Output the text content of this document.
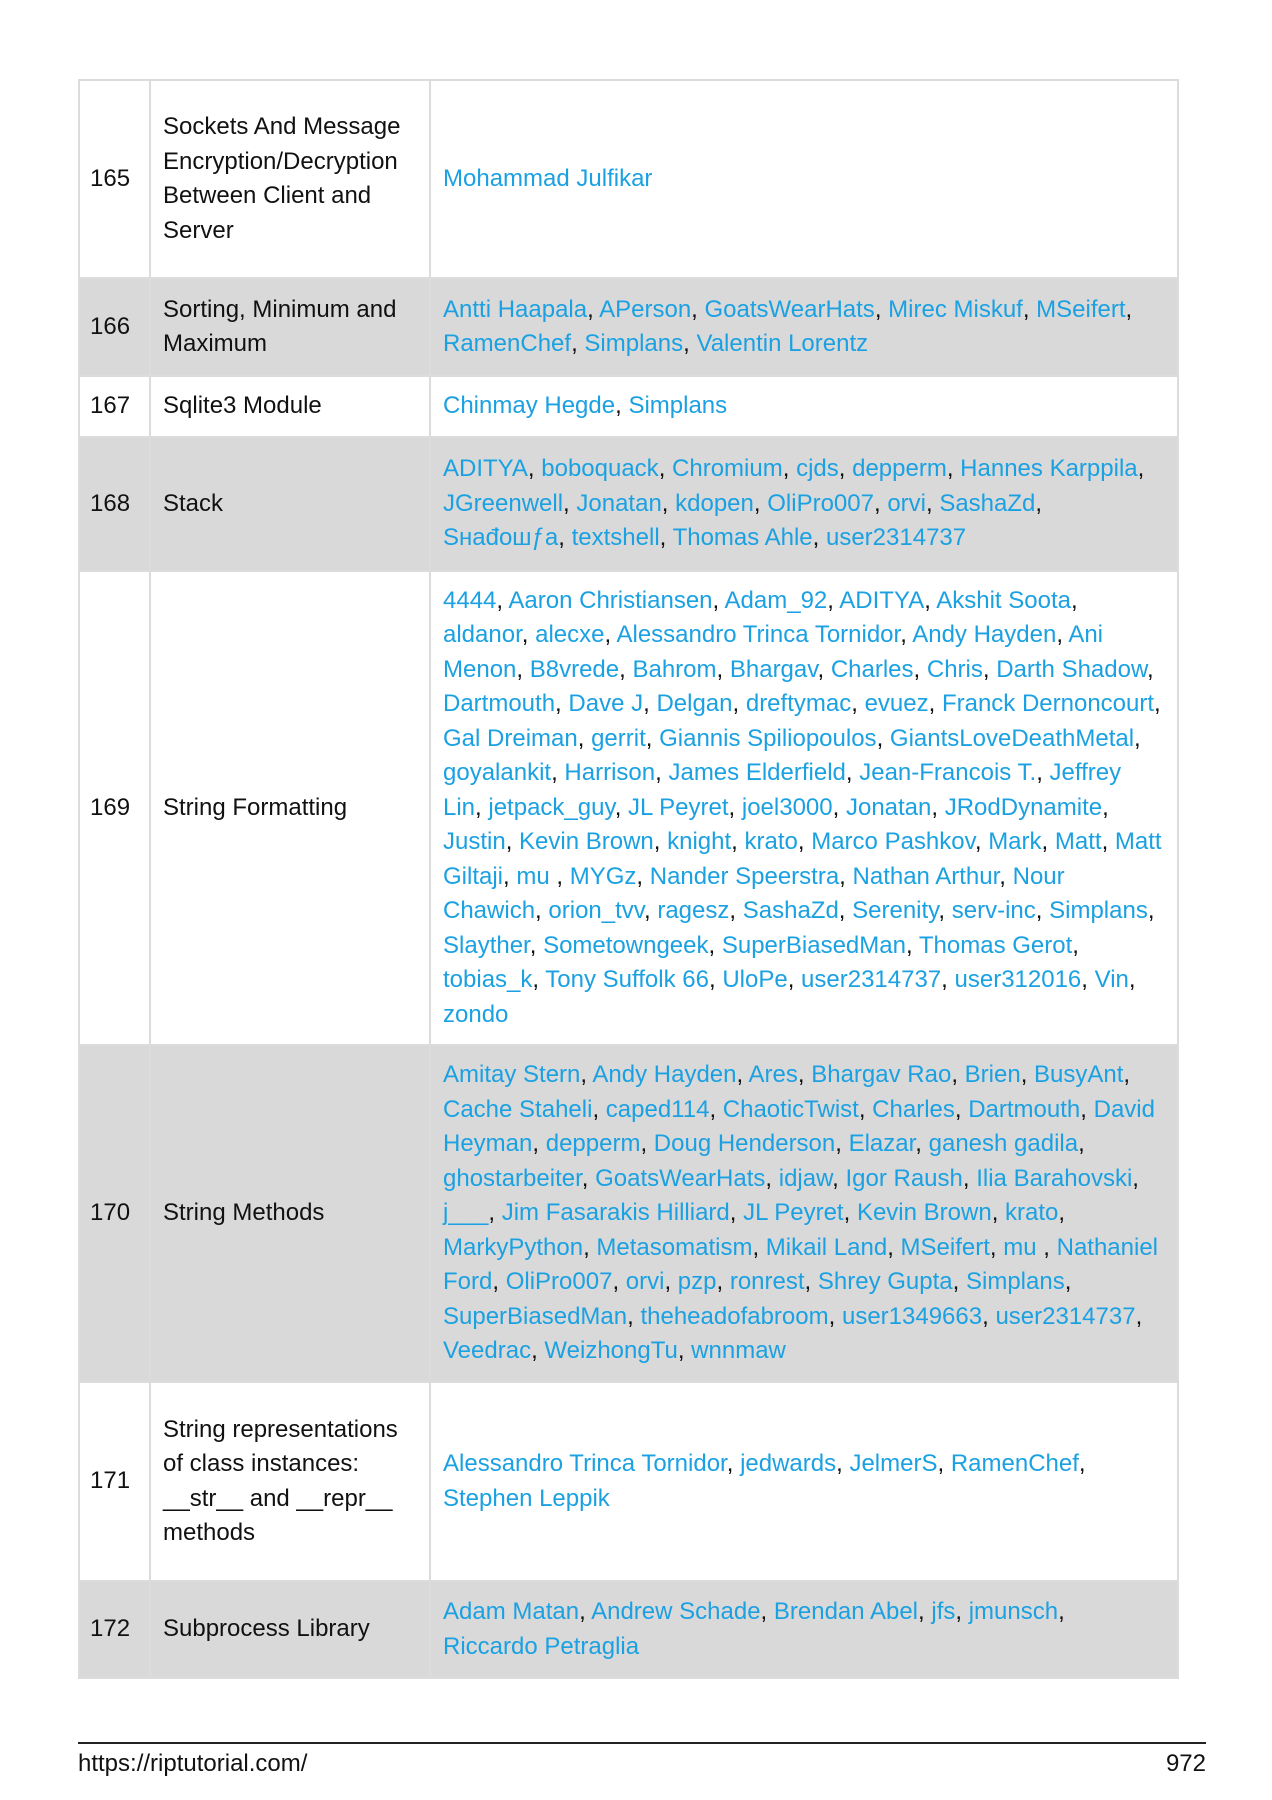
165	Sockets And Message Encryption/Decryption Between Client and Server	Mohammad Julfikar
166	Sorting, Minimum and Maximum	Antti Haapala, APerson, GoatsWearHats, Mirec Miskuf, MSeifert, RamenChef, Simplans, Valentin Lorentz
167	Sqlite3 Module	Chinmay Hegde, Simplans
168	Stack	ADITYA, boboquack, Chromium, cjds, depperm, Hannes Karppila, JGreenwell, Jonatan, kdopen, OliPro007, orvi, SashaZd, Sнаđошƒа, textshell, Thomas Ahle, user2314737
169	String Formatting	4444, Aaron Christiansen, Adam_92, ADITYA, Akshit Soota, aldanor, alecxe, Alessandro Trinca Tornidor, Andy Hayden, Ani Menon, B8vrede, Bahrom, Bhargav, Charles, Chris, Darth Shadow, Dartmouth, Dave J, Delgan, dreftymac, evuez, Franck Dernoncourt, Gal Dreiman, gerrit, Giannis Spiliopoulos, GiantsLoveDeathMetal, goyalankit, Harrison, James Elderfield, Jean-Francois T., Jeffrey Lin, jetpack_guy, JL Peyret, joel3000, Jonatan, JRodDynamite, Justin, Kevin Brown, knight, krato, Marco Pashkov, Mark, Matt, Matt Giltaji, mu , MYGz, Nander Speerstra, Nathan Arthur, Nour Chawich, orion_tvv, ragesz, SashaZd, Serenity, serv-inc, Simplans, Slayther, Sometowngeek, SuperBiasedMan, Thomas Gerot, tobias_k, Tony Suffolk 66, UloPe, user2314737, user312016, Vin, zondo
170	String Methods	Amitay Stern, Andy Hayden, Ares, Bhargav Rao, Brien, BusyAnt, Cache Staheli, caped114, ChaoticTwist, Charles, Dartmouth, David Heyman, depperm, Doug Henderson, Elazar, ganesh gadila, ghostarbeiter, GoatsWearHats, idjaw, Igor Raush, Ilia Barahovski, j___, Jim Fasarakis Hilliard, JL Peyret, Kevin Brown, krato, MarkyPython, Metasomatism, Mikail Land, MSeifert, mu , Nathaniel Ford, OliPro007, orvi, pzp, ronrest, Shrey Gupta, Simplans, SuperBiasedMan, theheadofabroom, user1349663, user2314737, Veedrac, WeizhongTu, wnnmaw
171	String representations of class instances: __str__ and __repr__ methods	Alessandro Trinca Tornidor, jedwards, JelmerS, RamenChef, Stephen Leppik
172	Subprocess Library	Adam Matan, Andrew Schade, Brendan Abel, jfs, jmunsch, Riccardo Petraglia
https://riptutorial.com/	972
